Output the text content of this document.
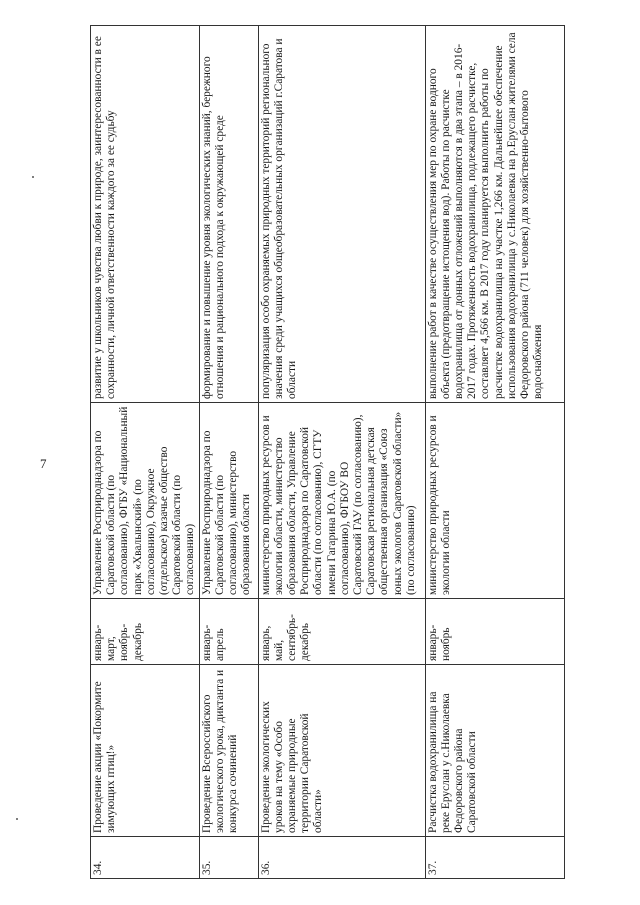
7
34.	Проведение акции «Покормите зимующих птиц!»	январь-март, ноябрь-декабрь	Управление Росприроднадзора по Саратовской области (по согласованию), ФГБУ «Национальный парк «Хвалынский» (по согласованию), Окружное (отдельское) казачье общество Саратовской области (по согласованию)	развитие у школьников чувства любви к природе, заинтересованности в ее сохранности, личной ответственности каждого за ее судьбу
35.	Проведение Всероссийского экологического урока, диктанта и конкурса сочинений	январь-апрель	Управление Росприроднадзора по Саратовской области (по согласованию), министерство образования области	формирование и повышение уровня экологических знаний, бережного отношения и рационального подхода к окружающей среде
36.	Проведение экологических уроков на тему «Особо охраняемые природные территории Саратовской области»	январь, май, сентябрь-декабрь	министерство природных ресурсов и экологии области, министерство образования области, Управление Росприроднадзора по Саратовской области (по согласованию), СГТУ имени Гагарина Ю.А. (по согласованию), ФГБОУ ВО Саратовский ГАУ (по согласованию), Саратовская региональная детская общественная организация «Союз юных экологов Саратовской области» (по согласованию)	популяризация особо охраняемых природных территорий регионального значения среди учащихся общеобразовательных организаций г.Саратова и области
37.	Расчистка водохранилища на реке Еруслан у с.Николаевка Федоровского района Саратовской области	январь-ноябрь	министерство природных ресурсов и экологии области	выполнение работ в качестве осуществления мер по охране водного объекта (предотвращение истощения вод). Работы по расчистке водохранилища от донных отложений выполняются в два этапа – в 2016-2017 годах. Протяженность водохранилища, подлежащего расчистке, составляет 4,566 км. В 2017 году планируется выполнить работы по расчистке водохранилища на участке 1,266 км. Дальнейшее обеспечение использования водохранилища у с.Николаевка на р.Еруслан жителями села Федоровского района (711 человек) для хозяйственно-бытового водоснабжения
